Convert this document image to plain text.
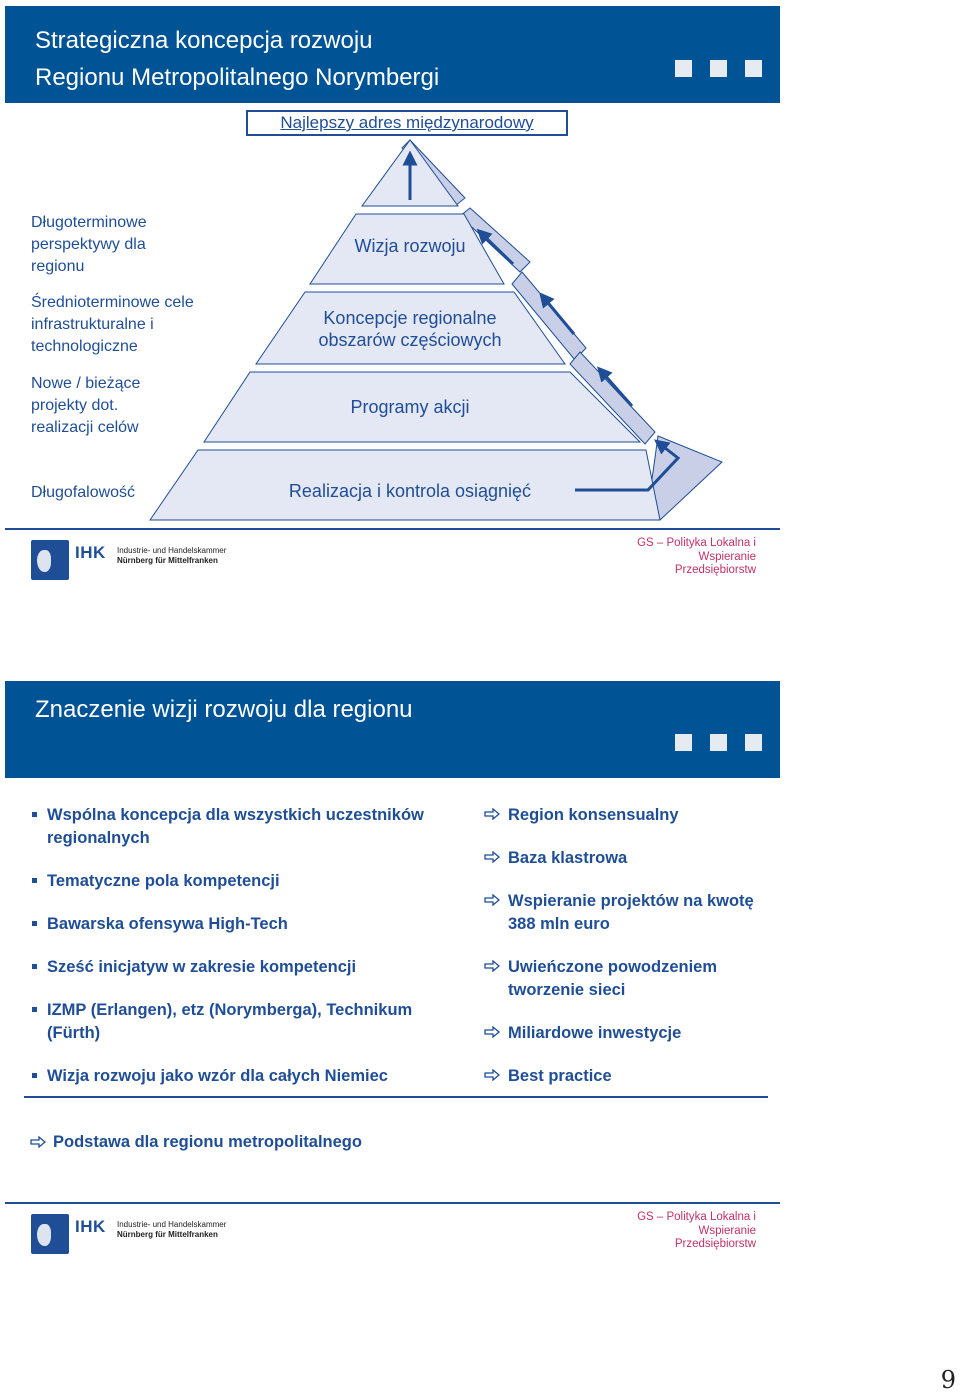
Strategiczna koncepcja rozwoju
Regionu Metropolitalnego Norymbergi
Najlepszy adres międzynarodowy
Wizja rozwoju
Koncepcje regionalne
obszarów częściowych
Programy akcji
Realizacja i kontrola osiągnięć
Długoterminowe
perspektywy dla
regionu
Średnioterminowe cele
infrastrukturalne i
technologiczne
Nowe / bieżące
projekty dot.
realizacji celów
Długofalowość
IHK Industrie- und Handelskammer
Nürnberg für Mittelfranken
GS – Polityka Lokalna i
Wspieranie
Przedsiębiorstw
Znaczenie wizji rozwoju dla regionu
Wspólna koncepcja dla wszystkich uczestników
regionalnych
Tematyczne pola kompetencji
Bawarska ofensywa High-Tech
Sześć inicjatyw w zakresie kompetencji
IZMP (Erlangen), etz (Norymberga), Technikum
(Fürth)
Wizja rozwoju jako wzór dla całych Niemiec
Region konsensualny
Baza klastrowa
Wspieranie projektów na kwotę
388 mln euro
Uwieńczone powodzeniem
tworzenie sieci
Miliardowe inwestycje
Best practice
Podstawa dla regionu metropolitalnego
IHK Industrie- und Handelskammer
Nürnberg für Mittelfranken
GS – Polityka Lokalna i
Wspieranie
Przedsiębiorstw
9
